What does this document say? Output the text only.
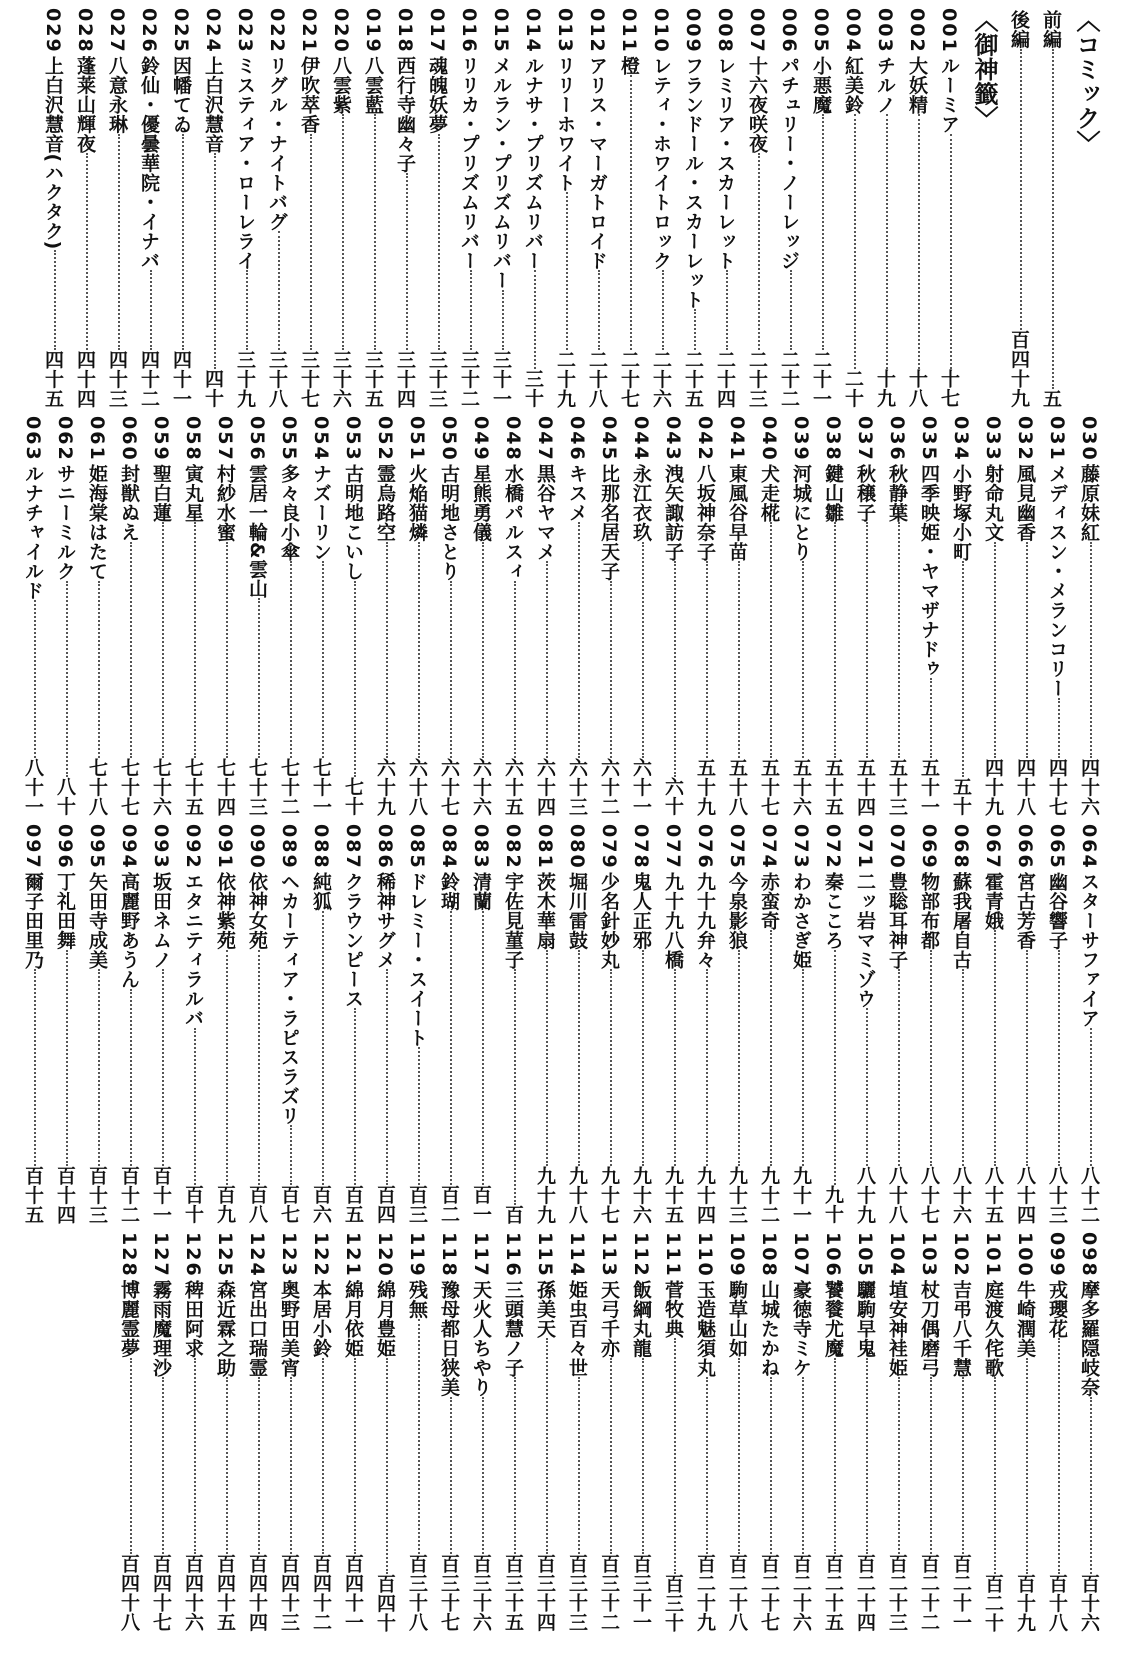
〈コミック〉
前編
五
後編
百四十九
〈御神籤〉
001
ルーミア
十七
002
大妖精
十八
003
チルノ
十九
004
紅美鈴
二十
005
小悪魔
二十一
006
パチュリー・ノーレッジ
二十二
007
十六夜咲夜
二十三
008
レミリア・スカーレット
二十四
009
フランドール・スカーレット
二十五
010
レティ・ホワイトロック
二十六
011
橙
二十七
012
アリス・マーガトロイド
二十八
013
リリーホワイト
二十九
014
ルナサ・プリズムリバー
三十
015
メルラン・プリズムリバー
三十一
016
リリカ・プリズムリバー
三十二
017
魂魄妖夢
三十三
018
西行寺幽々子
三十四
019
八雲藍
三十五
020
八雲紫
三十六
021
伊吹萃香
三十七
022
リグル・ナイトバグ
三十八
023
ミスティア・ローレライ
三十九
024
上白沢慧音
四十
025
因幡てゐ
四十一
026
鈴仙・優曇華院・イナバ
四十二
027
八意永琳
四十三
028
蓬莱山輝夜
四十四
029
上白沢慧音(ハクタク)
四十五
030
藤原妹紅
四十六
031
メディスン・メランコリー
四十七
032
風見幽香
四十八
033
射命丸文
四十九
034
小野塚小町
五十
035
四季映姫・ヤマザナドゥ
五十一
036
秋静葉
五十三
037
秋穣子
五十四
038
鍵山雛
五十五
039
河城にとり
五十六
040
犬走椛
五十七
041
東風谷早苗
五十八
042
八坂神奈子
五十九
043
洩矢諏訪子
六十
044
永江衣玖
六十一
045
比那名居天子
六十二
046
キスメ
六十三
047
黒谷ヤマメ
六十四
048
水橋パルスィ
六十五
049
星熊勇儀
六十六
050
古明地さとり
六十七
051
火焔猫燐
六十八
052
霊烏路空
六十九
053
古明地こいし
七十
054
ナズーリン
七十一
055
多々良小傘
七十二
056
雲居一輪&雲山
七十三
057
村紗水蜜
七十四
058
寅丸星
七十五
059
聖白蓮
七十六
060
封獣ぬえ
七十七
061
姫海棠はたて
七十八
062
サニーミルク
八十
063
ルナチャイルド
八十一
064
スターサファイア
八十二
065
幽谷響子
八十三
066
宮古芳香
八十四
067
霍青娥
八十五
068
蘇我屠自古
八十六
069
物部布都
八十七
070
豊聡耳神子
八十八
071
二ッ岩マミゾウ
八十九
072
秦こころ
九十
073
わかさぎ姫
九十一
074
赤蛮奇
九十二
075
今泉影狼
九十三
076
九十九弁々
九十四
077
九十九八橋
九十五
078
鬼人正邪
九十六
079
少名針妙丸
九十七
080
堀川雷鼓
九十八
081
茨木華扇
九十九
082
宇佐見菫子
百
083
清蘭
百一
084
鈴瑚
百二
085
ドレミー・スイート
百三
086
稀神サグメ
百四
087
クラウンピース
百五
088
純狐
百六
089
ヘカーティア・ラピスラズリ
百七
090
依神女苑
百八
091
依神紫苑
百九
092
エタニティラルバ
百十
093
坂田ネムノ
百十一
094
高麗野あうん
百十二
095
矢田寺成美
百十三
096
丁礼田舞
百十四
097
爾子田里乃
百十五
098
摩多羅隠岐奈
百十六
099
戎瓔花
百十八
100
牛崎潤美
百十九
101
庭渡久侘歌
百二十
102
吉弔八千慧
百二十一
103
杖刀偶磨弓
百二十二
104
埴安神袿姫
百二十三
105
驪駒早鬼
百二十四
106
饕餮尤魔
百二十五
107
豪徳寺ミケ
百二十六
108
山城たかね
百二十七
109
駒草山如
百二十八
110
玉造魅須丸
百二十九
111
菅牧典
百三十
112
飯綱丸龍
百三十一
113
天弓千亦
百三十二
114
姫虫百々世
百三十三
115
孫美天
百三十四
116
三頭慧ノ子
百三十五
117
天火人ちやり
百三十六
118
豫母都日狭美
百三十七
119
残無
百三十八
120
綿月豊姫
百四十
121
綿月依姫
百四十一
122
本居小鈴
百四十二
123
奥野田美宵
百四十三
124
宮出口瑞霊
百四十四
125
森近霖之助
百四十五
126
稗田阿求
百四十六
127
霧雨魔理沙
百四十七
128
博麗霊夢
百四十八
